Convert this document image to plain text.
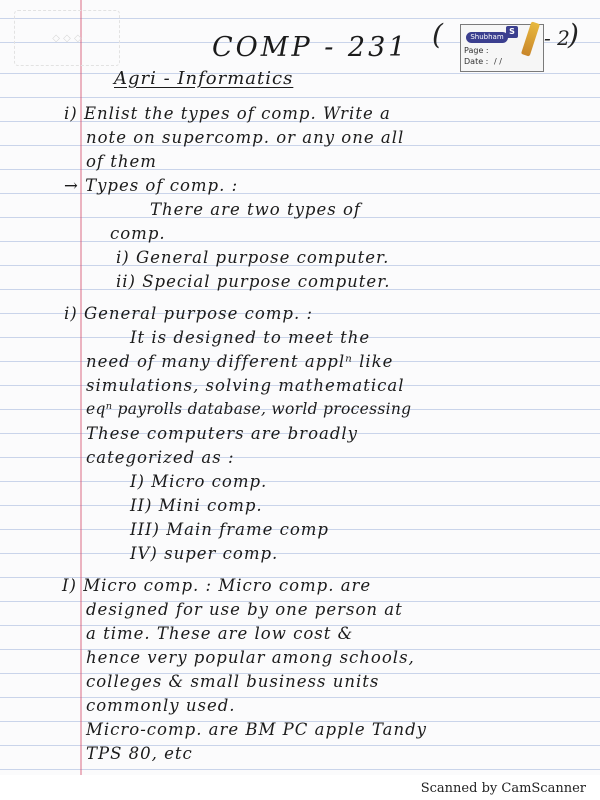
◇ ◇ ◇	COMP - 231
Agri - Informatics
(	Shubham
S
Page :
Date : / /
- 2
)
i) Enlist the types of comp. Write a
note on supercomp. or any one all
of them
→ Types of comp. :
There are two types of
comp.
i) General purpose computer.
ii) Special purpose computer.
i) General purpose comp. :
It is designed to meet the
need of many different applⁿ like
simulations, solving mathematical
eqⁿ payrolls database, world processing
These computers are broadly
categorized as :
I) Micro comp.
II) Mini comp.
III) Main frame comp
IV) super comp.
I) Micro comp. : Micro comp. are
designed for use by one person at
a time. These are low cost &
hence very popular among schools,
colleges & small business units
commonly used.
Micro-comp. are BM PC apple Tandy
TPS 80, etc
Scanned by CamScanner
